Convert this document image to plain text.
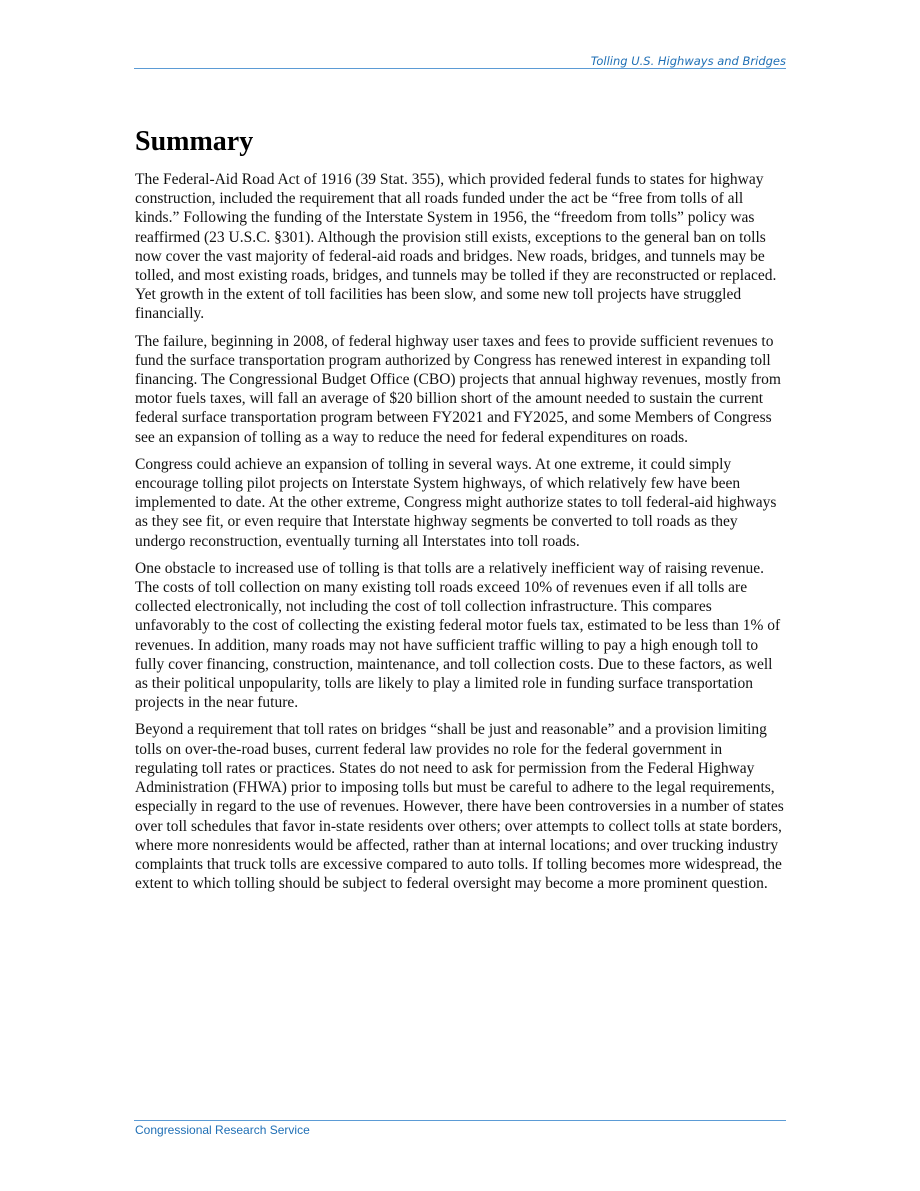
Tolling U.S. Highways and Bridges
Summary

The Federal-Aid Road Act of 1916 (39 Stat. 355), which provided federal funds to states for highway construction, included the requirement that all roads funded under the act be “free from tolls of all kinds.” Following the funding of the Interstate System in 1956, the “freedom from tolls” policy was reaffirmed (23 U.S.C. §301). Although the provision still exists, exceptions to the general ban on tolls now cover the vast majority of federal-aid roads and bridges. New roads, bridges, and tunnels may be tolled, and most existing roads, bridges, and tunnels may be tolled if they are reconstructed or replaced. Yet growth in the extent of toll facilities has been slow, and some new toll projects have struggled financially.

The failure, beginning in 2008, of federal highway user taxes and fees to provide sufficient revenues to fund the surface transportation program authorized by Congress has renewed interest in expanding toll financing. The Congressional Budget Office (CBO) projects that annual highway revenues, mostly from motor fuels taxes, will fall an average of $20 billion short of the amount needed to sustain the current federal surface transportation program between FY2021 and FY2025, and some Members of Congress see an expansion of tolling as a way to reduce the need for federal expenditures on roads.

Congress could achieve an expansion of tolling in several ways. At one extreme, it could simply encourage tolling pilot projects on Interstate System highways, of which relatively few have been implemented to date. At the other extreme, Congress might authorize states to toll federal-aid highways as they see fit, or even require that Interstate highway segments be converted to toll roads as they undergo reconstruction, eventually turning all Interstates into toll roads.

One obstacle to increased use of tolling is that tolls are a relatively inefficient way of raising revenue. The costs of toll collection on many existing toll roads exceed 10% of revenues even if all tolls are collected electronically, not including the cost of toll collection infrastructure. This compares unfavorably to the cost of collecting the existing federal motor fuels tax, estimated to be less than 1% of revenues. In addition, many roads may not have sufficient traffic willing to pay a high enough toll to fully cover financing, construction, maintenance, and toll collection costs. Due to these factors, as well as their political unpopularity, tolls are likely to play a limited role in funding surface transportation projects in the near future.

Beyond a requirement that toll rates on bridges “shall be just and reasonable” and a provision limiting tolls on over-the-road buses, current federal law provides no role for the federal government in regulating toll rates or practices. States do not need to ask for permission from the Federal Highway Administration (FHWA) prior to imposing tolls but must be careful to adhere to the legal requirements, especially in regard to the use of revenues. However, there have been controversies in a number of states over toll schedules that favor in-state residents over others; over attempts to collect tolls at state borders, where more nonresidents would be affected, rather than at internal locations; and over trucking industry complaints that truck tolls are excessive compared to auto tolls. If tolling becomes more widespread, the extent to which tolling should be subject to federal oversight may become a more prominent question.

Congressional Research Service
